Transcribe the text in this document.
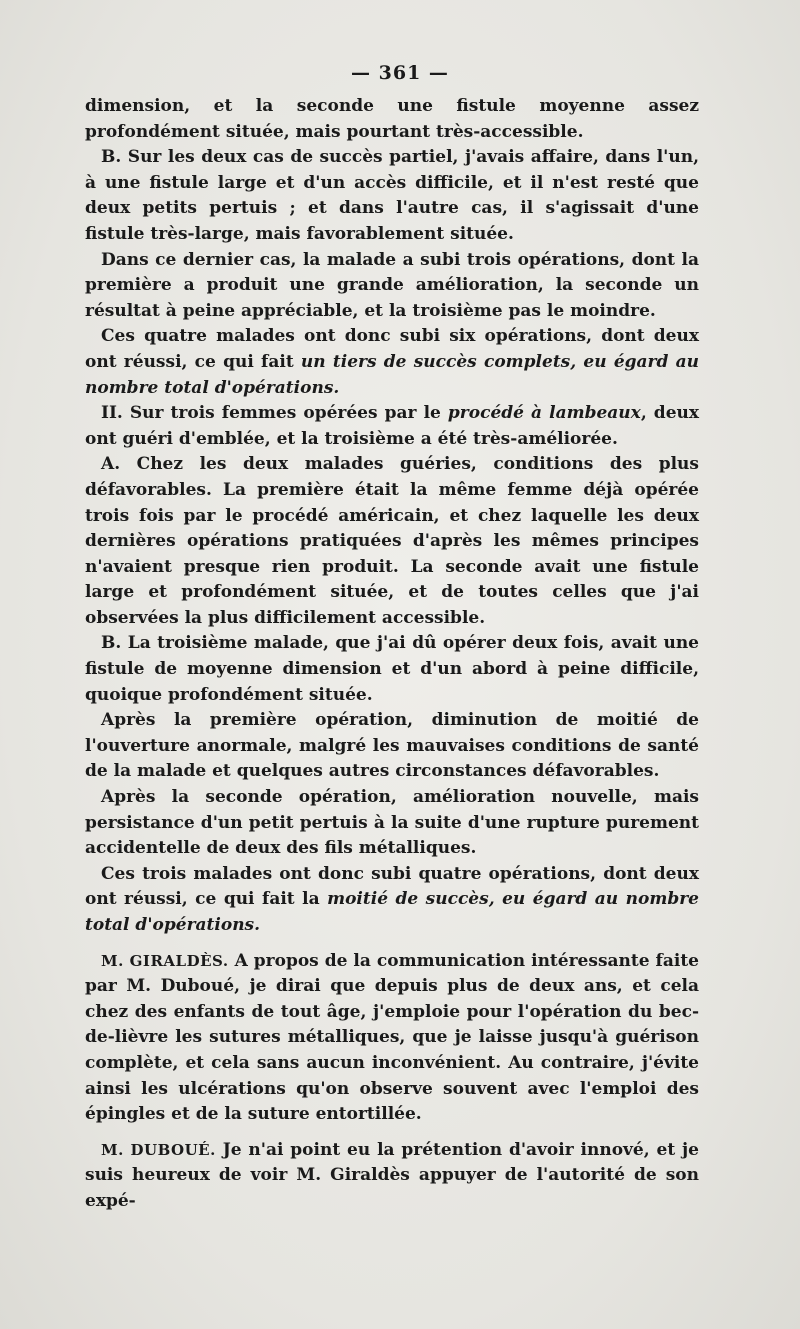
— 361 —

dimension, et la seconde une fistule moyenne assez profondément située, mais pourtant très-accessible.

B. Sur les deux cas de succès partiel, j'avais affaire, dans l'un, à une fistule large et d'un accès difficile, et il n'est resté que deux petits pertuis ; et dans l'autre cas, il s'agissait d'une fistule très-large, mais favorablement située.

Dans ce dernier cas, la malade a subi trois opérations, dont la première a produit une grande amélioration, la seconde un résultat à peine appréciable, et la troisième pas le moindre.

Ces quatre malades ont donc subi six opérations, dont deux ont réussi, ce qui fait un tiers de succès complets, eu égard au nombre total d'opérations.

II. Sur trois femmes opérées par le procédé à lambeaux, deux ont guéri d'emblée, et la troisième a été très-améliorée.

A. Chez les deux malades guéries, conditions des plus défavorables. La première était la même femme déjà opérée trois fois par le procédé américain, et chez laquelle les deux dernières opérations pratiquées d'après les mêmes principes n'avaient presque rien produit. La seconde avait une fistule large et profondément située, et de toutes celles que j'ai observées la plus difficilement accessible.

B. La troisième malade, que j'ai dû opérer deux fois, avait une fistule de moyenne dimension et d'un abord à peine difficile, quoique profondément située.

Après la première opération, diminution de moitié de l'ouverture anormale, malgré les mauvaises conditions de santé de la malade et quelques autres circonstances défavorables.

Après la seconde opération, amélioration nouvelle, mais persistance d'un petit pertuis à la suite d'une rupture purement accidentelle de deux des fils métalliques.

Ces trois malades ont donc subi quatre opérations, dont deux ont réussi, ce qui fait la moitié de succès, eu égard au nombre total d'opérations.

M. GIRALDÈS. A propos de la communication intéressante faite par M. Duboué, je dirai que depuis plus de deux ans, et cela chez des enfants de tout âge, j'emploie pour l'opération du bec-de-lièvre les sutures métalliques, que je laisse jusqu'à guérison complète, et cela sans aucun inconvénient. Au contraire, j'évite ainsi les ulcérations qu'on observe souvent avec l'emploi des épingles et de la suture entortillée.

M. DUBOUÉ. Je n'ai point eu la prétention d'avoir innové, et je suis heureux de voir M. Giraldès appuyer de l'autorité de son expé-
